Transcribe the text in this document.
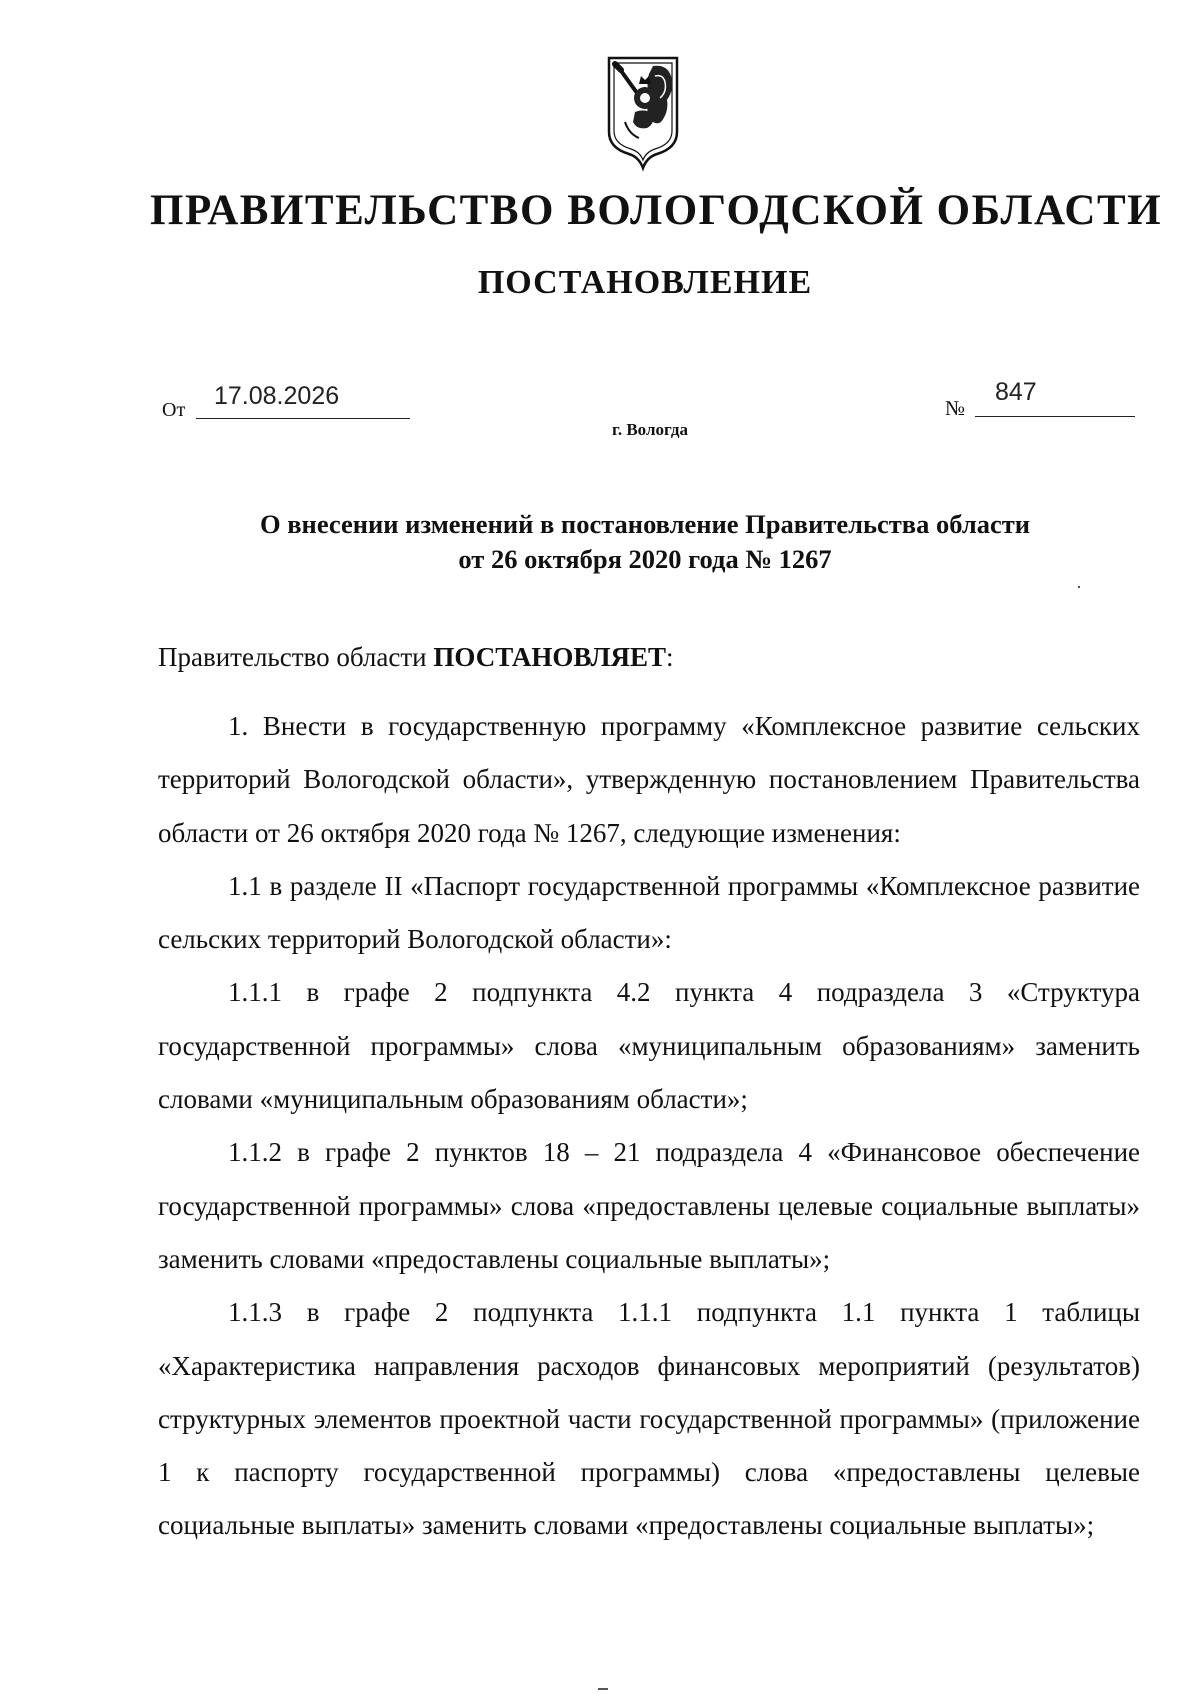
ПРАВИТЕЛЬСТВО ВОЛОГОДСКОЙ ОБЛАСТИ
ПОСТАНОВЛЕНИЕ
От 17.08.2026	№
847
г. Вологда
О внесении изменений в постановление Правительства области
от 26 октября 2020 года № 1267
Правительство области ПОСТАНОВЛЯЕТ:

1. Внести в государственную программу «Комплексное развитие сельских территорий Вологодской области», утвержденную постановлением Правительства области от 26 октября 2020 года № 1267, следующие изменения:

1.1 в разделе II «Паспорт государственной программы «Комплексное развитие сельских территорий Вологодской области»:

1.1.1 в графе 2 подпункта 4.2 пункта 4 подраздела 3 «Структура государственной программы» слова «муниципальным образованиям» заменить словами «муниципальным образованиям области»;

1.1.2 в графе 2 пунктов 18 – 21 подраздела 4 «Финансовое обеспечение государственной программы» слова «предоставлены целевые социальные выплаты» заменить словами «предоставлены социальные выплаты»;

1.1.3 в графе 2 подпункта 1.1.1 подпункта 1.1 пункта 1 таблицы «Характеристика направления расходов финансовых мероприятий (результатов) структурных элементов проектной части государственной программы» (приложение 1 к паспорту государственной программы) слова «предоставлены целевые социальные выплаты» заменить словами «предоставлены социальные выплаты»;
